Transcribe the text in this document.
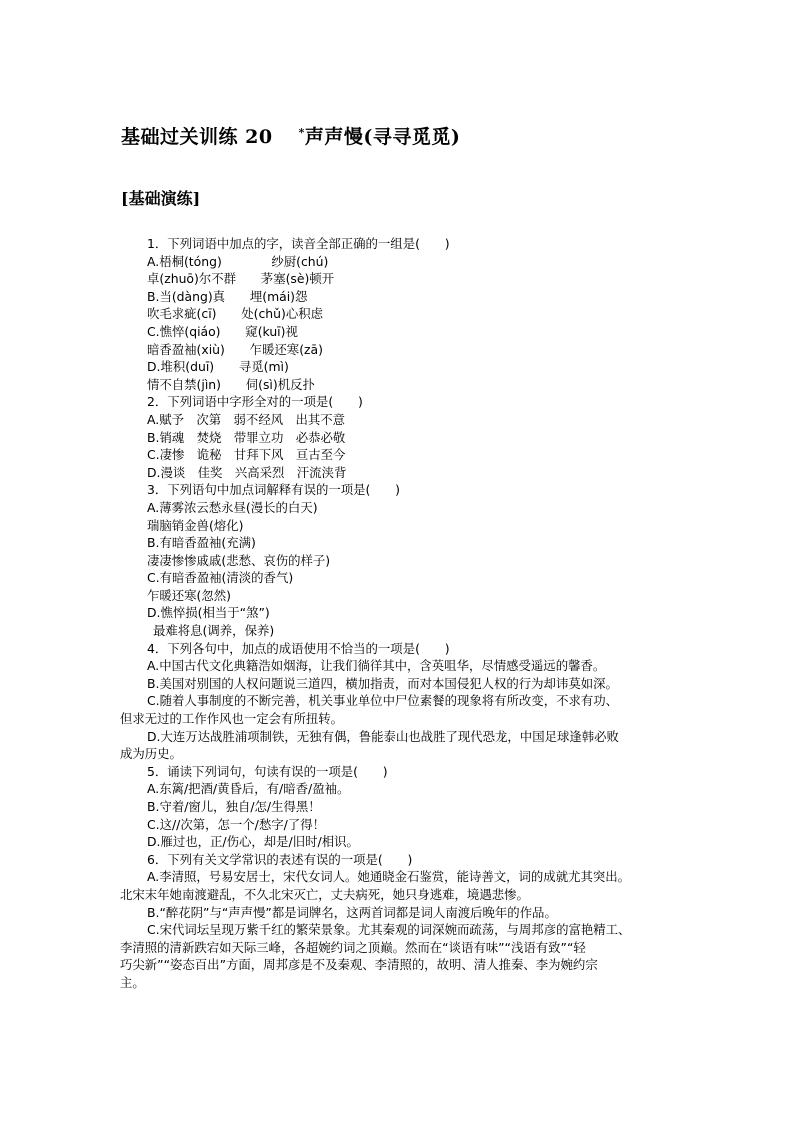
基础过关训练 20 *声声慢(寻寻觅觅)
[基础演练]
1．下列词语中加点的字，读音全部正确的一组是(　　)
A.梧桐(tóng)　　　　纱厨(chú)
卓(zhuō)尔不群　　茅塞(sè)顿开
B.当(dàng)真　　埋(mái)怨
吹毛求疵(cī)　　处(chǔ)心积虑
C.憔悴(qiáo)　　窥(kuī)视
暗香盈袖(xiù)　　乍暖还寒(zā)
D.堆积(duī)　　寻觅(mì)
情不自禁(jìn)　　伺(sì)机反扑
2．下列词语中字形全对的一项是(　　)
A.赋予　次第　弱不经风　出其不意
B.销魂　焚烧　带罪立功　必恭必敬
C.凄惨　诡秘　甘拜下风　亘古至今
D.漫谈　佳奖　兴高采烈　汗流浃背
3．下列语句中加点词解释有误的一项是(　　)
A.薄雾浓云愁永昼(漫长的白天)
瑞脑销金兽(熔化)
B.有暗香盈袖(充满)
凄凄惨惨戚戚(悲愁、哀伤的样子)
C.有暗香盈袖(清淡的香气)
乍暖还寒(忽然)
D.憔悴损(相当于“煞”)
最难将息(调养，保养)
4．下列各句中，加点的成语使用不恰当的一项是(　　)
A.中国古代文化典籍浩如烟海，让我们徜徉其中，含英咀华，尽情感受遥远的馨香。
B.美国对别国的人权问题说三道四，横加指责，而对本国侵犯人权的行为却讳莫如深。
C.随着人事制度的不断完善，机关事业单位中尸位素餐的现象将有所改变，不求有功、
但求无过的工作作风也一定会有所扭转。
D.大连万达战胜浦项制铁，无独有偶，鲁能泰山也战胜了现代恐龙，中国足球逢韩必败
成为历史。
5．诵读下列词句，句读有误的一项是(　　)
A.东篱/把酒/黄昏后，有/暗香/盈袖。
B.守着/窗儿，独自/怎/生得黑！
C.这//次第，怎一个/愁字/了得！
D.雁过也，正/伤心，却是/旧时/相识。
6．下列有关文学常识的表述有误的一项是(　　)
A.李清照，号易安居士，宋代女词人。她通晓金石鉴赏，能诗善文，词的成就尤其突出。
北宋末年她南渡避乱，不久北宋灭亡，丈夫病死，她只身逃难，境遇悲惨。
B.“醉花阴”与“声声慢”都是词牌名，这两首词都是词人南渡后晚年的作品。
C.宋代词坛呈现万紫千红的繁荣景象。尤其秦观的词深婉而疏荡，与周邦彦的富艳精工、
李清照的清新跌宕如天际三峰，各超婉约词之顶巅。然而在“谈语有味”“浅语有致”“轻
巧尖新”“姿态百出”方面，周邦彦是不及秦观、李清照的，故明、清人推秦、李为婉约宗
主。
